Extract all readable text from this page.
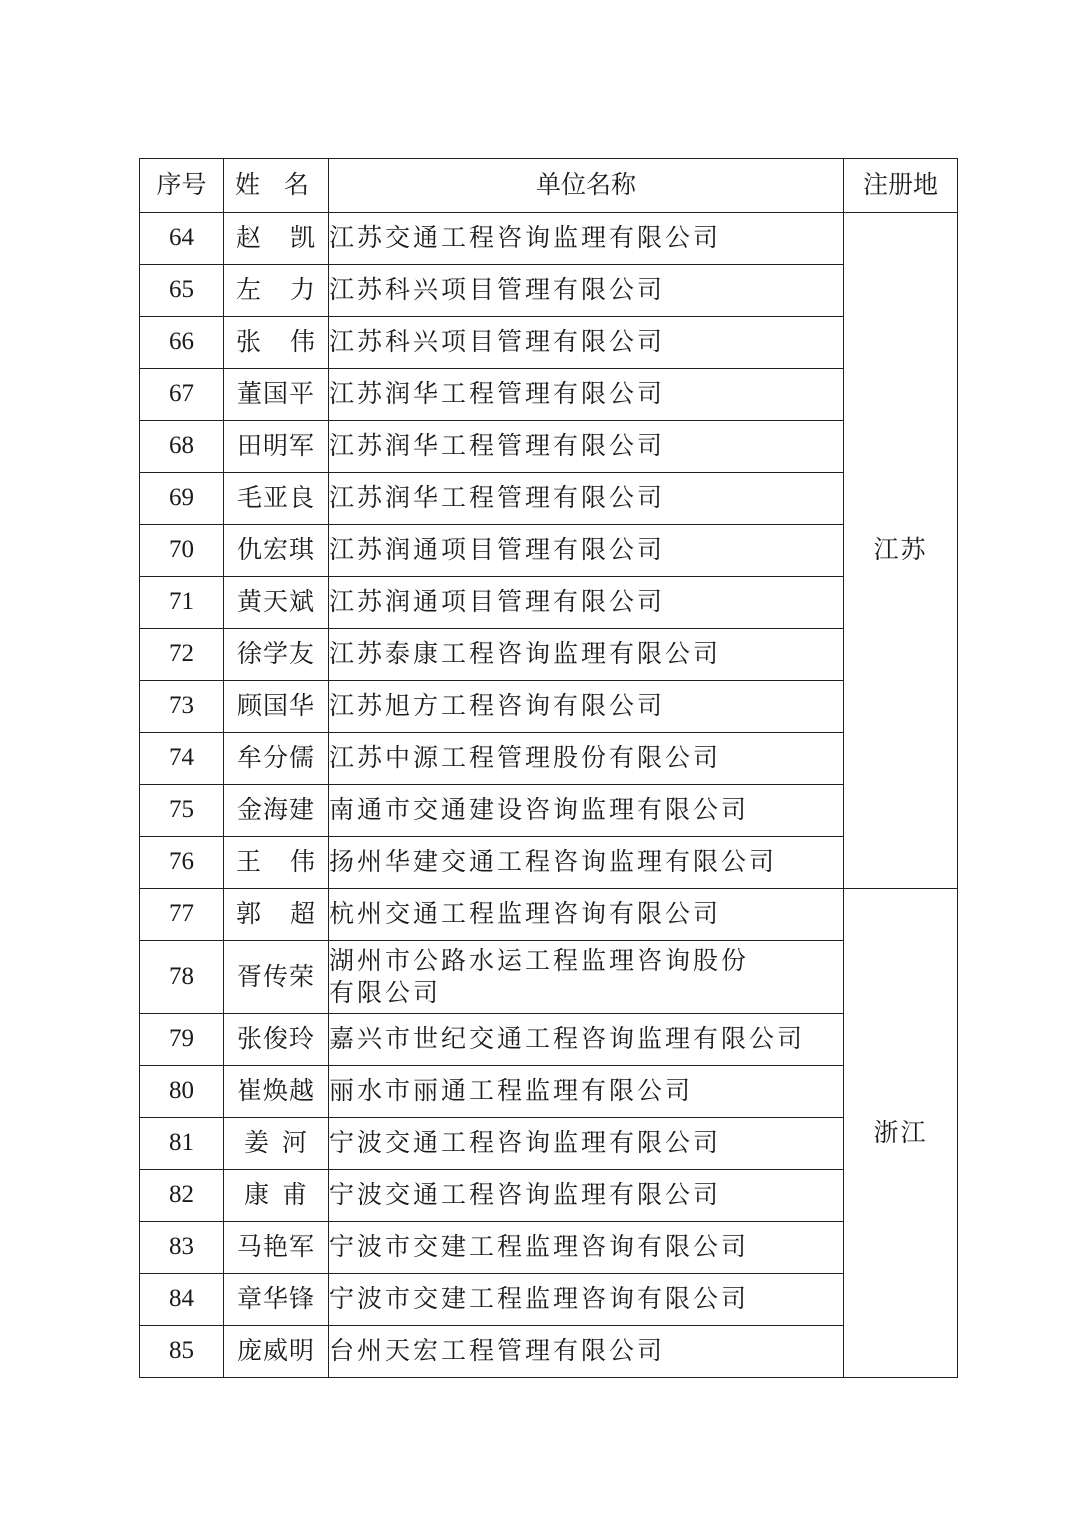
序号	姓 名	单位名称	注册地
64	赵 凯	江苏交通工程咨询监理有限公司	江苏
65	左 力	江苏科兴项目管理有限公司	
66	张 伟	江苏科兴项目管理有限公司	
67	董国平	江苏润华工程管理有限公司	
68	田明军	江苏润华工程管理有限公司	
69	毛亚良	江苏润华工程管理有限公司	
70	仇宏琪	江苏润通项目管理有限公司	
71	黄天斌	江苏润通项目管理有限公司	
72	徐学友	江苏泰康工程咨询监理有限公司	
73	顾国华	江苏旭方工程咨询有限公司	
74	牟分儒	江苏中源工程管理股份有限公司	
75	金海建	南通市交通建设咨询监理有限公司	
76	王 伟	扬州华建交通工程咨询监理有限公司	
77	郭 超	杭州交通工程监理咨询有限公司	浙江
78	胥传荣	湖州市公路水运工程监理咨询股份
有限公司	

79	张俊玲	嘉兴市世纪交通工程咨询监理有限公司	
80	崔焕越	丽水市丽通工程监理有限公司	
81	姜 河	宁波交通工程咨询监理有限公司	
82	康 甫	宁波交通工程咨询监理有限公司	
83	马艳军	宁波市交建工程监理咨询有限公司	
84	章华锋	宁波市交建工程监理咨询有限公司	
85	庞威明	台州天宏工程管理有限公司	
